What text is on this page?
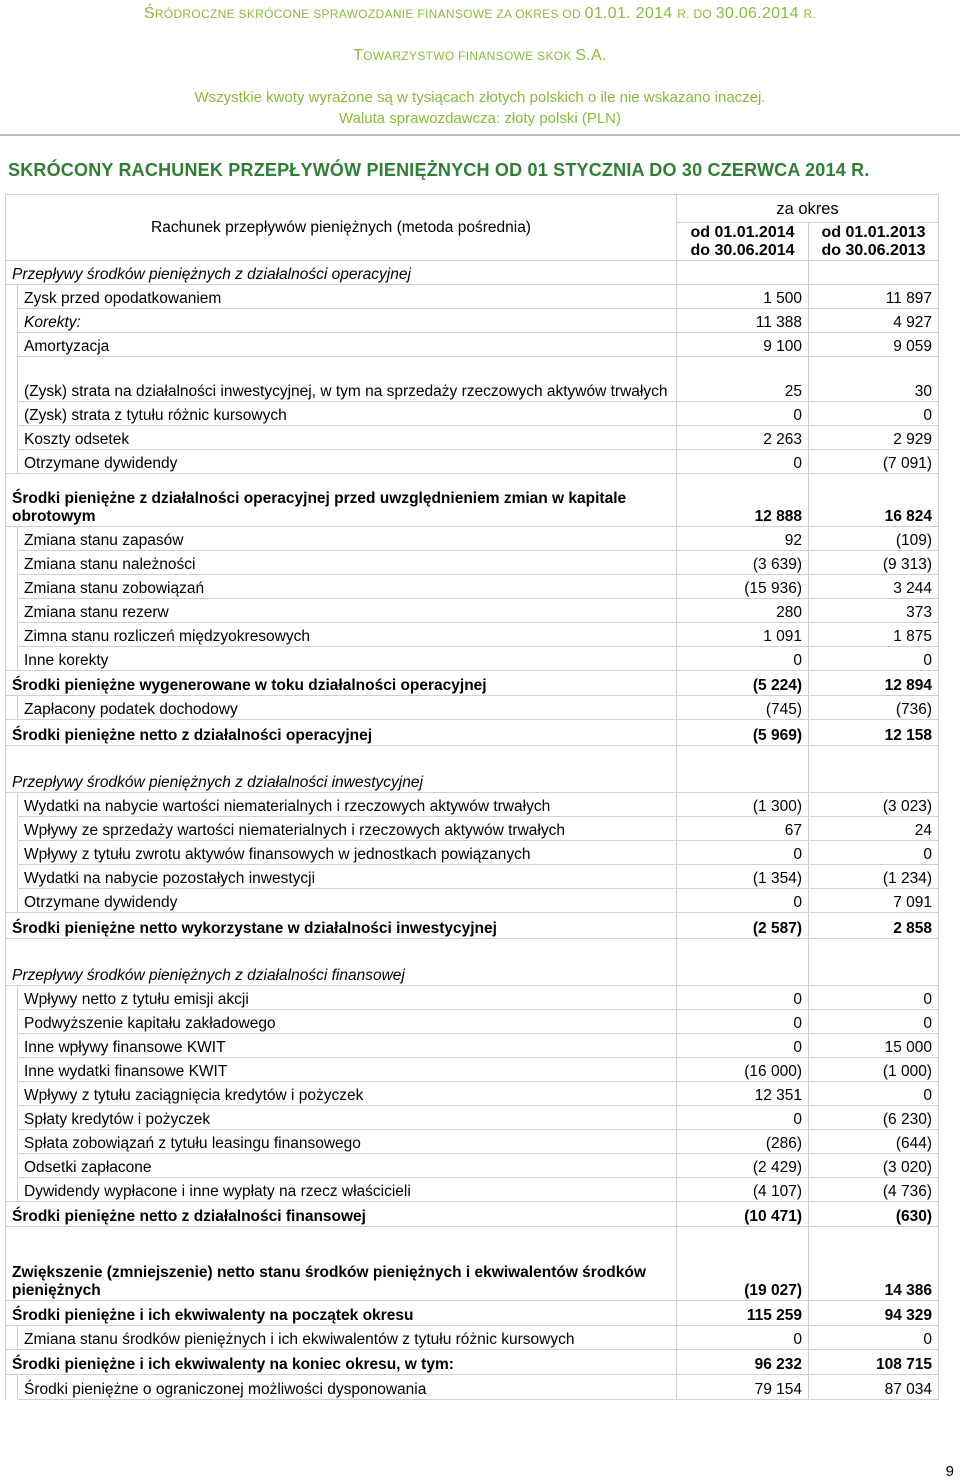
ŚRÓDROCZNE SKRÓCONE SPRAWOZDANIE FINANSOWE ZA OKRES OD 01.01. 2014 R. DO 30.06.2014 R.
TOWARZYSTWO FINANSOWE SKOK S.A.
Wszystkie kwoty wyrażone są w tysiącach złotych polskich o ile nie wskazano inaczej.
Waluta sprawozdawcza: złoty polski (PLN)
SKRÓCONY RACHUNEK PRZEPŁYWÓW PIENIĘŻNYCH OD 01 STYCZNIA DO 30 CZERWCA 2014 R.
Rachunek przepływów pieniężnych (metoda pośrednia)		za okres	
		od 01.01.2014
do 30.06.2014	od 01.01.2013
do 30.06.2013
Przepływy środków pieniężnych z działalności operacyjnej			
	Zysk przed opodatkowaniem	1 500	11 897
	Korekty:	11 388	4 927
	Amortyzacja	9 100	9 059
	(Zysk) strata na działalności inwestycyjnej, w tym na sprzedaży rzeczowych aktywów trwałych	25	30
	(Zysk) strata z tytułu różnic kursowych	0	0
	Koszty odsetek	2 263	2 929
	Otrzymane dywidendy	0	(7 091)
Środki pieniężne z działalności operacyjnej przed uwzględnieniem zmian w kapitale obrotowym		12 888	16 824
	Zmiana stanu zapasów	92	(109)
	Zmiana stanu należności	(3 639)	(9 313)
	Zmiana stanu zobowiązań	(15 936)	3 244
	Zmiana stanu rezerw	280	373
	Zimna stanu rozliczeń międzyokresowych	1 091	1 875
	Inne korekty	0	0
Środki pieniężne wygenerowane w toku działalności operacyjnej		(5 224)	12 894
	Zapłacony podatek dochodowy	(745)	(736)
Środki pieniężne netto z działalności operacyjnej		(5 969)	12 158
Przepływy środków pieniężnych z działalności inwestycyjnej			
	Wydatki na nabycie wartości niematerialnych i rzeczowych aktywów trwałych	(1 300)	(3 023)
	Wpływy ze sprzedaży wartości niematerialnych i rzeczowych aktywów trwałych	67	24
	Wpływy z tytułu zwrotu aktywów finansowych w jednostkach powiązanych	0	0
	Wydatki na nabycie pozostałych inwestycji	(1 354)	(1 234)
	Otrzymane dywidendy	0	7 091
Środki pieniężne netto wykorzystane w działalności inwestycyjnej		(2 587)	2 858
Przepływy środków pieniężnych z działalności finansowej			
	Wpływy netto z tytułu emisji akcji	0	0
	Podwyższenie kapitału zakładowego	0	0
	Inne wpływy finansowe KWIT	0	15 000
	Inne wydatki finansowe KWIT	(16 000)	(1 000)
	Wpływy z tytułu zaciągnięcia kredytów i pożyczek	12 351	0
	Spłaty kredytów i pożyczek	0	(6 230)
	Spłata zobowiązań z tytułu leasingu finansowego	(286)	(644)
	Odsetki zapłacone	(2 429)	(3 020)
	Dywidendy wypłacone i inne wypłaty na rzecz właścicieli	(4 107)	(4 736)
Środki pieniężne netto z działalności finansowej		(10 471)	(630)
Zwiększenie (zmniejszenie) netto stanu środków pieniężnych i ekwiwalentów środków pieniężnych		(19 027)	14 386
Środki pieniężne i ich ekwiwalenty na początek okresu		115 259	94 329
	Zmiana stanu środków pieniężnych i ich ekwiwalentów z tytułu różnic kursowych	0	0
Środki pieniężne i ich ekwiwalenty na koniec okresu, w tym:		96 232	108 715
	Środki pieniężne o ograniczonej możliwości dysponowania	79 154	87 034
9
